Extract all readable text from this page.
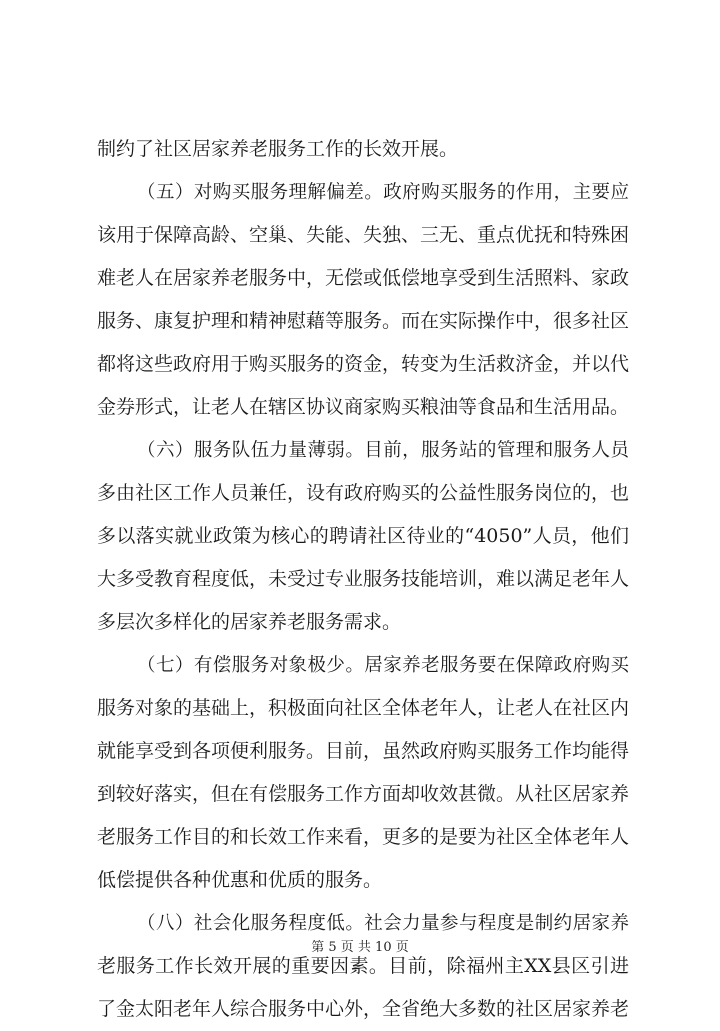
制约了社区居家养老服务工作的长效开展。
（五）对购买服务理解偏差。政府购买服务的作用，主要应
该用于保障高龄、空巢、失能、失独、三无、重点优抚和特殊困
难老人在居家养老服务中，无偿或低偿地享受到生活照料、家政
服务、康复护理和精神慰藉等服务。而在实际操作中，很多社区
都将这些政府用于购买服务的资金，转变为生活救济金，并以代
金券形式，让老人在辖区协议商家购买粮油等食品和生活用品。
（六）服务队伍力量薄弱。目前，服务站的管理和服务人员
多由社区工作人员兼任，设有政府购买的公益性服务岗位的，也
多以落实就业政策为核心的聘请社区待业的“4050”人员，他们
大多受教育程度低，未受过专业服务技能培训，难以满足老年人
多层次多样化的居家养老服务需求。
（七）有偿服务对象极少。居家养老服务要在保障政府购买
服务对象的基础上，积极面向社区全体老年人，让老人在社区内
就能享受到各项便利服务。目前，虽然政府购买服务工作均能得
到较好落实，但在有偿服务工作方面却收效甚微。从社区居家养
老服务工作目的和长效工作来看，更多的是要为社区全体老年人
低偿提供各种优惠和优质的服务。
（八）社会化服务程度低。社会力量参与程度是制约居家养
老服务工作长效开展的重要因素。目前，除福州主XX县区引进
了金太阳老年人综合服务中心外，全省绝大多数的社区居家养老
第 5 页 共 10 页
